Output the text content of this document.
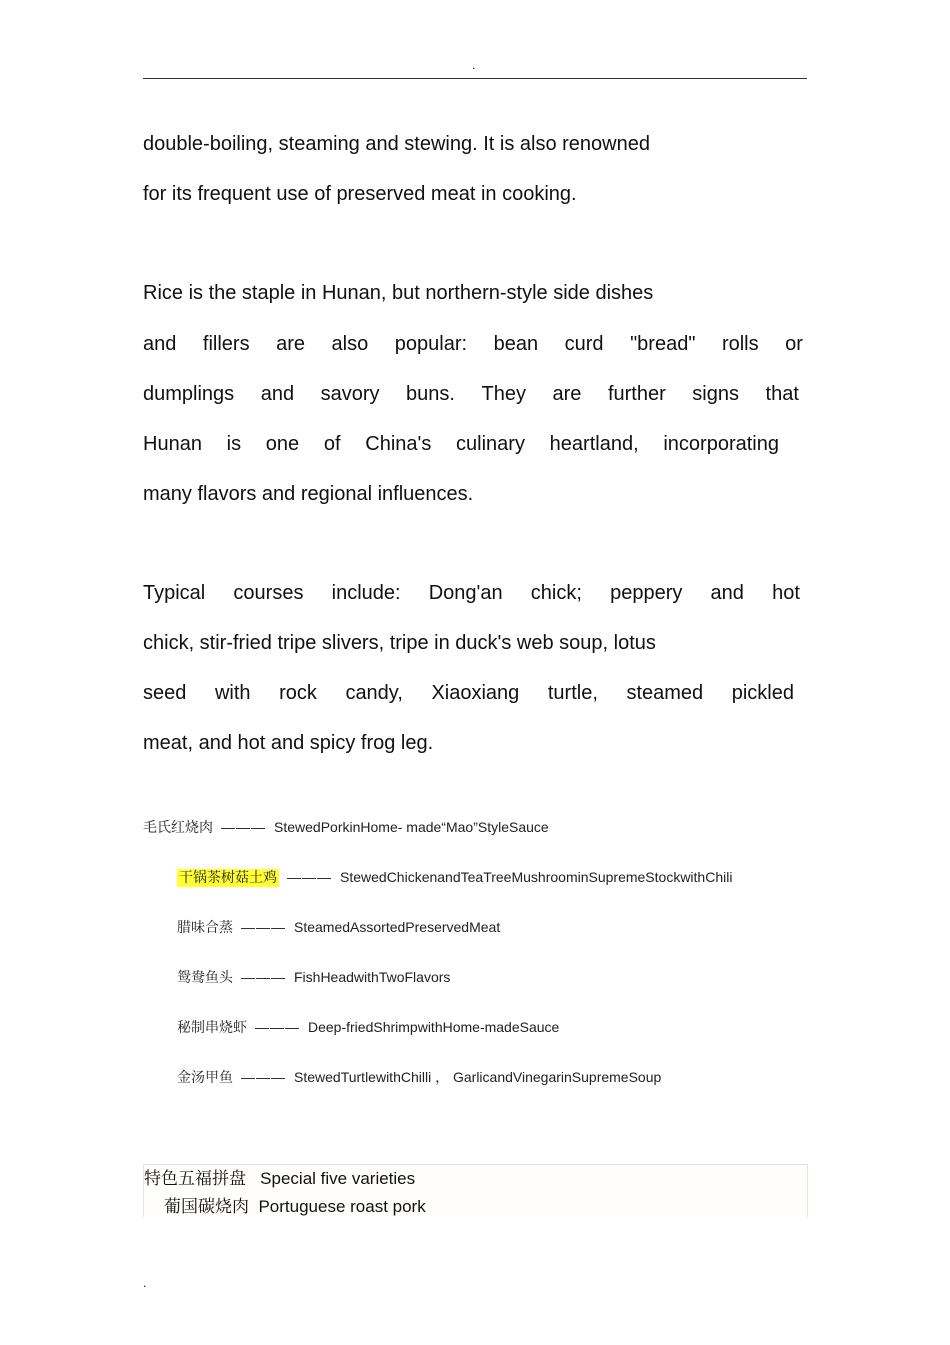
.
double-boiling, steaming and stewing. It is also renowned
for its frequent use of preserved meat in cooking.
Rice is the staple in Hunan, but northern-style side dishes
and fillers are also popular: bean curd "bread" rolls or
dumplings and savory buns. They are further signs that
Hunan is one of China's culinary heartland, incorporating
many flavors and regional influences.
Typical courses include: Dong'an chick; peppery and hot
chick, stir-fried tripe slivers, tripe in duck's web soup, lotus
seed with rock candy, Xiaoxiang turtle, steamed pickled
meat, and hot and spicy frog leg.
毛氏红烧肉 ——— StewedPorkinHome- made“Mao”StyleSauce
干锅茶树菇土鸡 ——— StewedChickenandTeaTreeMushroominSupremeStockwithChili
腊味合蒸 ——— SteamedAssortedPreservedMeat
鸳鸯鱼头 ——— FishHeadwithTwoFlavors
秘制串烧虾 ——— Deep-friedShrimpwithHome-madeSauce
金汤甲鱼 ——— StewedTurtlewithChilli ， GarlicandVinegarinSupremeSoup
特色五福拼盘 Special five varieties
葡国碳烧肉 Portuguese roast pork
.
